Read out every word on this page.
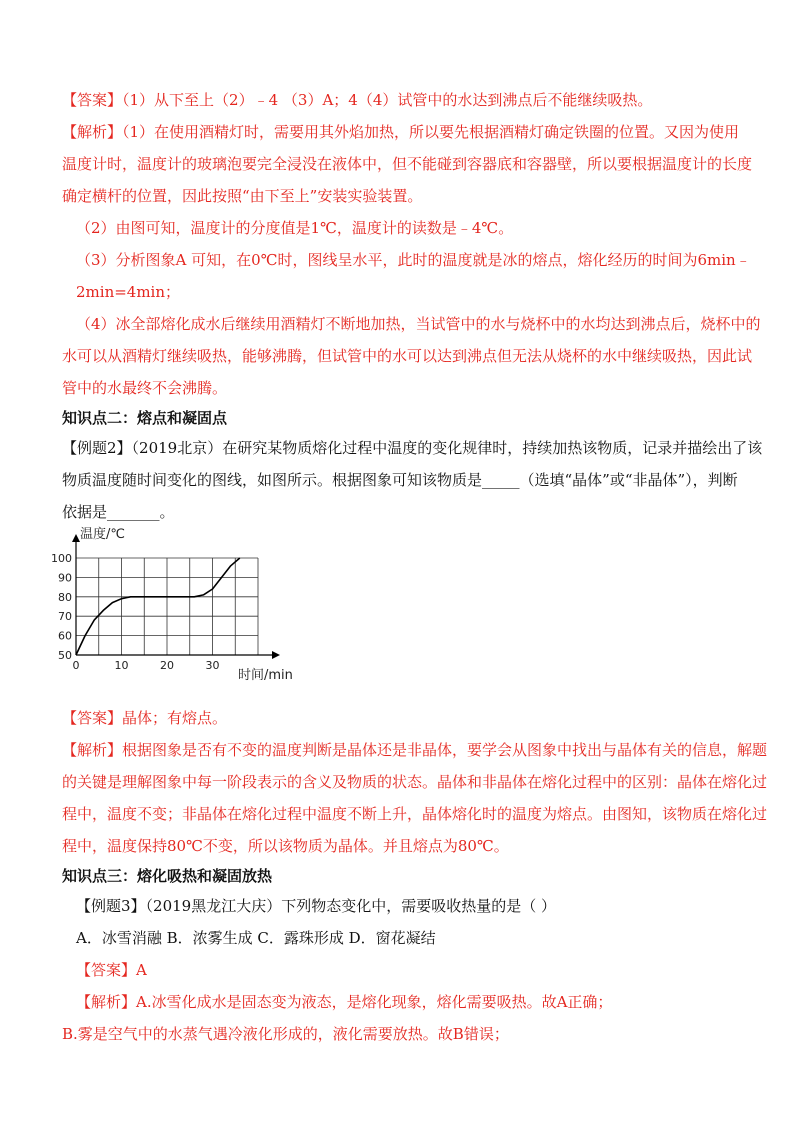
【答案】（1）从下至上（2）﹣4 （3）A；4（4）试管中的水达到沸点后不能继续吸热。
【解析】（1）在使用酒精灯时，需要用其外焰加热，所以要先根据酒精灯确定铁圈的位置。又因为使用
温度计时，温度计的玻璃泡要完全浸没在液体中，但不能碰到容器底和容器壁，所以要根据温度计的长度
确定横杆的位置，因此按照“由下至上”安装实验装置。
（2）由图可知，温度计的分度值是1℃，温度计的读数是﹣4℃。
（3）分析图象A 可知，在0℃时，图线呈水平，此时的温度就是冰的熔点，熔化经历的时间为6min﹣
2min=4min；
（4）冰全部熔化成水后继续用酒精灯不断地加热，当试管中的水与烧杯中的水均达到沸点后，烧杯中的
水可以从酒精灯继续吸热，能够沸腾，但试管中的水可以达到沸点但无法从烧杯的水中继续吸热，因此试
管中的水最终不会沸腾。
知识点二：熔点和凝固点
【例题2】（2019北京）在研究某物质熔化过程中温度的变化规律时，持续加热该物质，记录并描绘出了该
物质温度随时间变化的图线，如图所示。根据图象可知该物质是_____（选填“晶体”或“非晶体”），判断
依据是_______。
【答案】晶体；有熔点。
【解析】根据图象是否有不变的温度判断是晶体还是非晶体，要学会从图象中找出与晶体有关的信息，解题
的关键是理解图象中每一阶段表示的含义及物质的状态。晶体和非晶体在熔化过程中的区别：晶体在熔化过
程中，温度不变；非晶体在熔化过程中温度不断上升，晶体熔化时的温度为熔点。由图知，该物质在熔化过
程中，温度保持80℃不变，所以该物质为晶体。并且熔点为80℃。
知识点三：熔化吸热和凝固放热
【例题3】（2019黑龙江大庆）下列物态变化中，需要吸收热量的是（ ）
A．冰雪消融 B．浓雾生成 C．露珠形成 D．窗花凝结
【答案】A
【解析】A.冰雪化成水是固态变为液态，是熔化现象，熔化需要吸热。故A正确；
B.雾是空气中的水蒸气遇冷液化形成的，液化需要放热。故B错误；
50
60
70
80
90
100
0	10	20	30
温度/℃
时间/min
